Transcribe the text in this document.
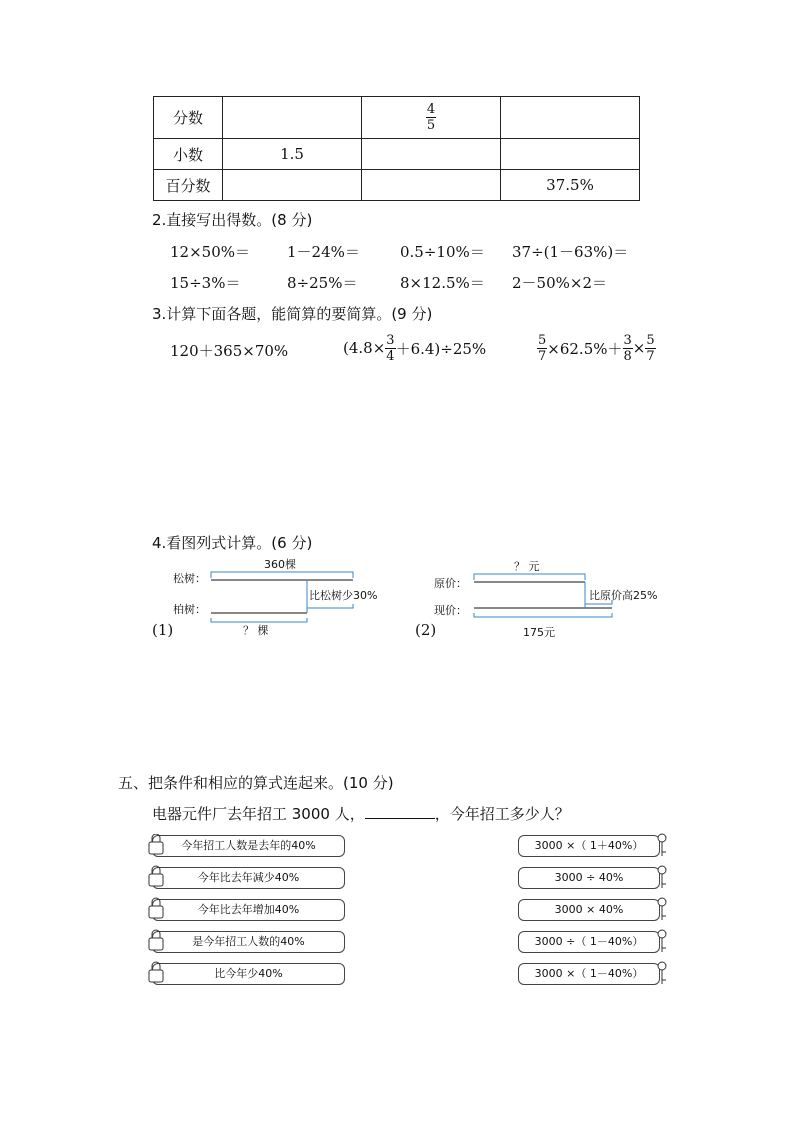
分数		$\frac{4}{5}$

小数	1.5		
百分数			37.5%
2.直接写出得数。(8 分)
12×50%＝ 1－24%＝	0.5÷10%＝ 37÷(1－63%)＝
15÷3%＝	8÷25%＝	8×12.5%＝ 2－50%×2＝
3.计算下面各题，能简算的要简算。(9 分)
120＋365×70%	$(4.8\times \frac{3}{4} +6.4)\div 25\%$	$\frac{5}{7} \times 62.5\%+ \frac{3}{8} \times \frac{5}{7}$
4.看图列式计算。(6 分)
松树：
柏树：
360棵
比松树少30%
？ 棵
(1)
原价：
现价：
？ 元
比原价高25%
175元
(2)
五、把条件和相应的算式连起来。(10 分)
电器元件厂去年招工 3000 人，	，今年招工多少人？
今年招工人数是去年的40%
今年比去年减少40%
今年比去年增加40%
是今年招工人数的40%
比今年少40%
3000 ×（ 1＋40%）
3000 ÷ 40%
3000 × 40%
3000 ÷（ 1－40%）
3000 ×（ 1－40%）
